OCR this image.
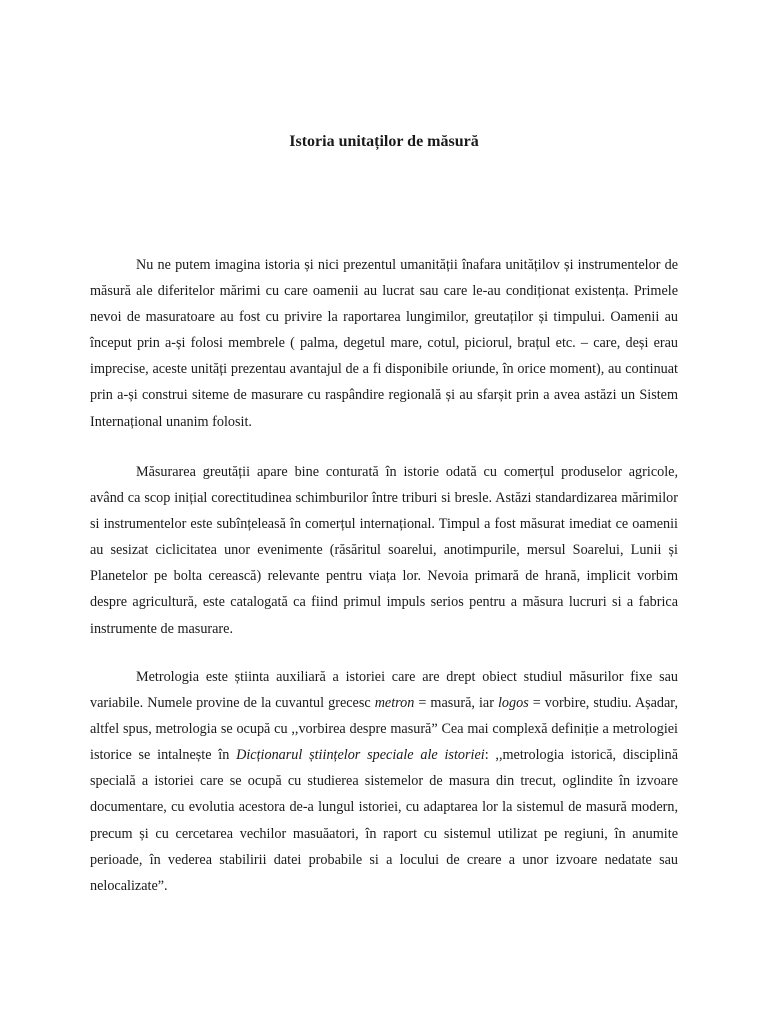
Istoria unitaților de măsură

Nu ne putem imagina istoria și nici prezentul umanității înafara unitățilov și instrumentelor de măsură ale diferitelor mărimi cu care oamenii au lucrat sau care le-au condiționat existența. Primele nevoi de masuratoare au fost cu privire la raportarea lungimilor, greutaților și timpului. Oamenii au început prin a-și folosi membrele ( palma, degetul mare, cotul, piciorul, brațul etc. – care, deși erau imprecise, aceste unități prezentau avantajul de a fi disponibile oriunde, în orice moment), au continuat prin a-și construi siteme de masurare cu raspândire regională și au sfarșit prin a avea astăzi un Sistem Internațional unanim folosit.

Măsurarea greutății apare bine conturată în istorie odată cu comerțul produselor agricole, având ca scop inițial corectitudinea schimburilor între triburi si bresle. Astăzi standardizarea mărimilor si instrumentelor este subînțeleasă în comerțul internațional. Timpul a fost măsurat imediat ce oamenii au sesizat ciclicitatea unor evenimente (răsăritul soarelui, anotimpurile, mersul Soarelui, Lunii și Planetelor pe bolta cerească) relevante pentru viața lor. Nevoia primară de hrană, implicit vorbim despre agricultură, este catalogată ca fiind primul impuls serios pentru a măsura lucruri si a fabrica instrumente de masurare.

Metrologia este știinta auxiliară a istoriei care are drept obiect studiul măsurilor fixe sau variabile. Numele provine de la cuvantul grecesc metron = masură, iar logos = vorbire, studiu. Așadar, altfel spus, metrologia se ocupă cu ,,vorbirea despre masură” Cea mai complexă definiție a metrologiei istorice se intalnește în Dicționarul științelor speciale ale istoriei: ,,metrologia istorică, disciplină specială a istoriei care se ocupă cu studierea sistemelor de masura din trecut, oglindite în izvoare documentare, cu evolutia acestora de-a lungul istoriei, cu adaptarea lor la sistemul de masură modern, precum și cu cercetarea vechilor masuăatori, în raport cu sistemul utilizat pe regiuni, în anumite perioade, în vederea stabilirii datei probabile si a locului de creare a unor izvoare nedatate sau nelocalizate”.
